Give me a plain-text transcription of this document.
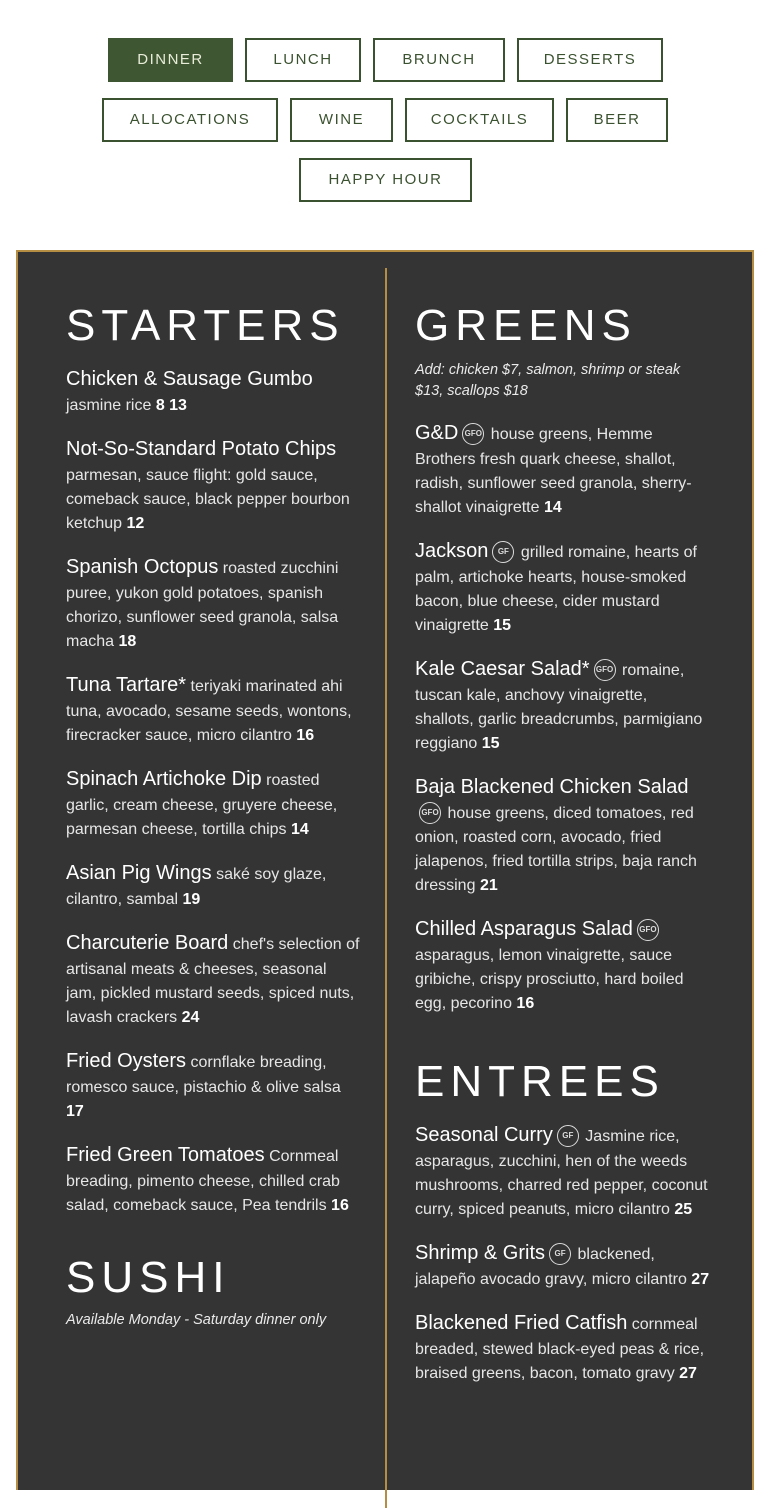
DINNER	LUNCH	BRUNCH	DESSERTS
ALLOCATIONS	WINE	COCKTAILS	BEER
HAPPY HOUR
STARTERS
Chicken & Sausage Gumbo jasmine rice 8 13
Not-So-Standard Potato Chips parmesan, sauce flight: gold sauce, comeback sauce, black pepper bourbon ketchup 12
Spanish Octopus roasted zucchini puree, yukon gold potatoes, spanish chorizo, sunflower seed granola, salsa macha 18
Tuna Tartare* teriyaki marinated ahi tuna, avocado, sesame seeds, wontons, firecracker sauce, micro cilantro 16
Spinach Artichoke Dip roasted garlic, cream cheese, gruyere cheese, parmesan cheese, tortilla chips 14
Asian Pig Wings saké soy glaze, cilantro, sambal 19
Charcuterie Board chef's selection of artisanal meats & cheeses, seasonal jam, pickled mustard seeds, spiced nuts, lavash crackers 24
Fried Oysters cornflake breading, romesco sauce, pistachio & olive salsa 17
Fried Green Tomatoes Cornmeal breading, pimento cheese, chilled crab salad, comeback sauce, Pea tendrils 16
SUSHI

Available Monday - Saturday dinner only

GREENS

Add: chicken $7, salmon, shrimp or steak $13, scallops $18

G&D GFO house greens, Hemme Brothers fresh quark cheese, shallot, radish, sunflower seed granola, sherry-shallot vinaigrette 14
Jackson GF grilled romaine, hearts of palm, artichoke hearts, house-smoked bacon, blue cheese, cider mustard vinaigrette 15
Kale Caesar Salad* GFO romaine, tuscan kale, anchovy vinaigrette, shallots, garlic breadcrumbs, parmigiano reggiano 15
Baja Blackened Chicken SaladGFO house greens, diced tomatoes, red onion, roasted corn, avocado, fried jalapenos, fried tortilla strips, baja ranch dressing 21
Chilled Asparagus Salad GFO asparagus, lemon vinaigrette, sauce gribiche, crispy prosciutto, hard boiled egg, pecorino 16
ENTREES
Seasonal Curry GF Jasmine rice, asparagus, zucchini, hen of the weeds mushrooms, charred red pepper, coconut curry, spiced peanuts, micro cilantro 25
Shrimp & Grits GF blackened, jalapeño avocado gravy, micro cilantro 27
Blackened Fried Catfish cornmeal breaded, stewed black-eyed peas & rice, braised greens, bacon, tomato gravy 27
